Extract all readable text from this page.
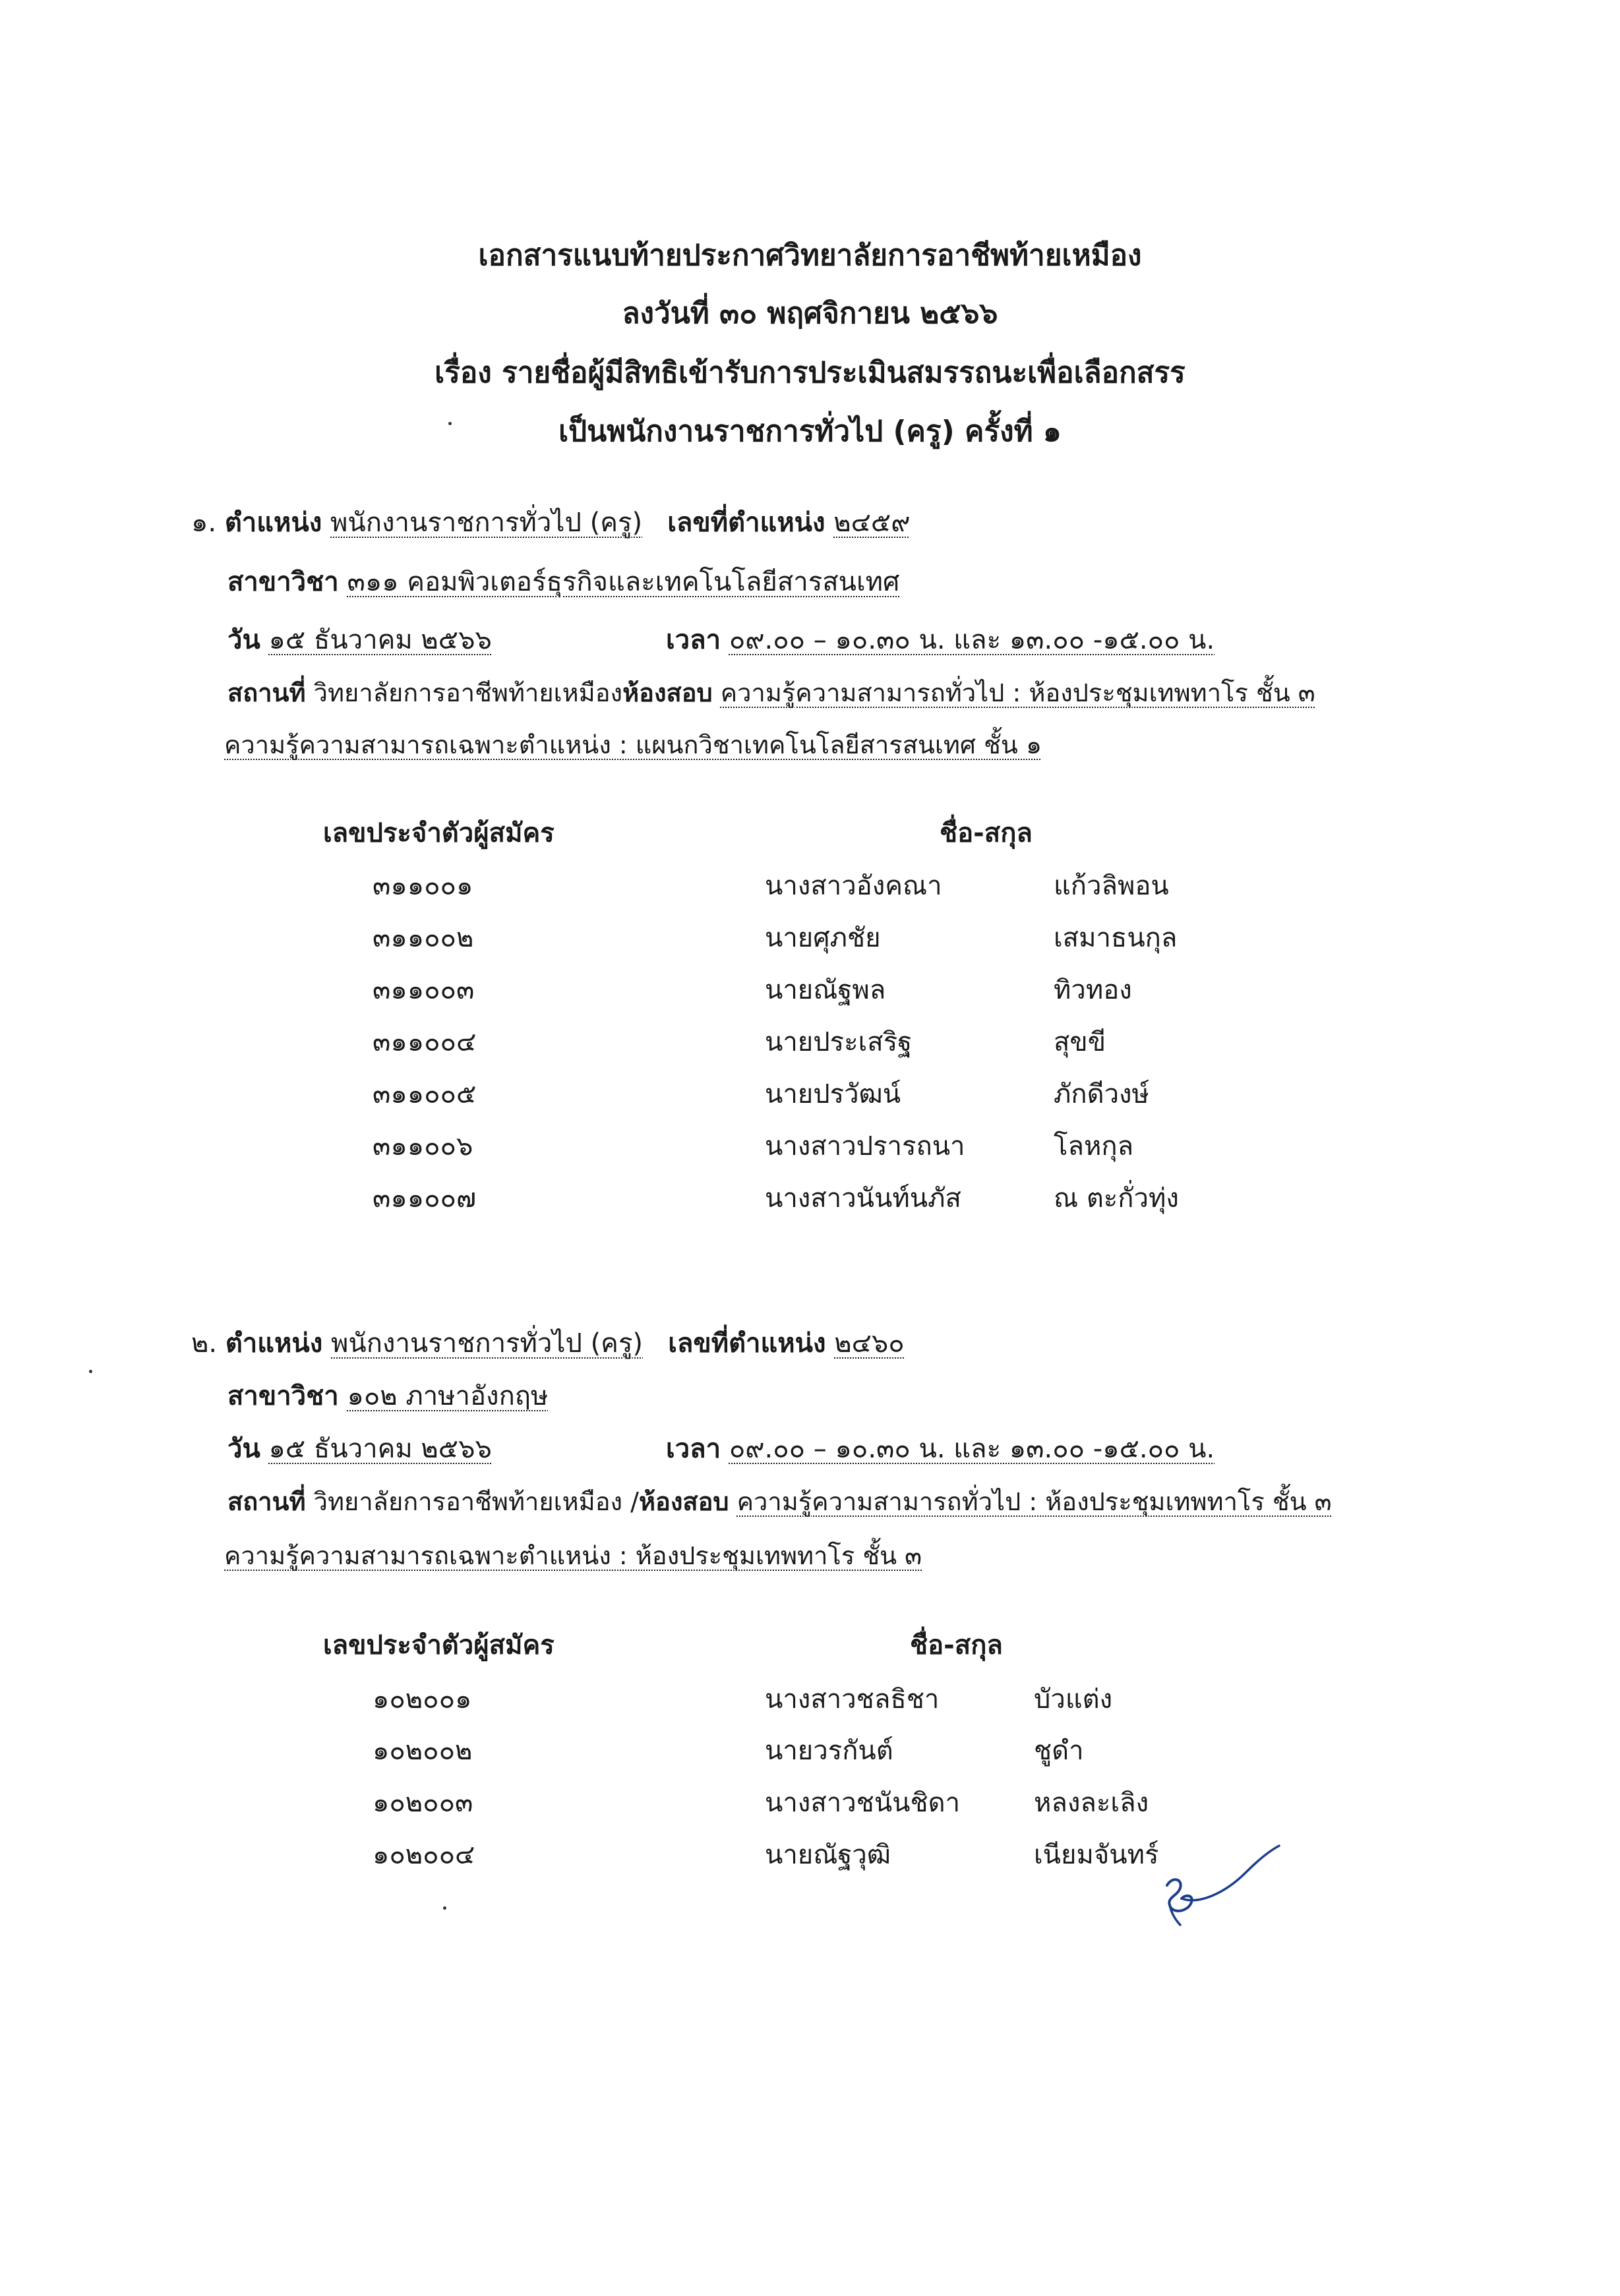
เอกสารแนบท้ายประกาศวิทยาลัยการอาชีพท้ายเหมือง
ลงวันที่ ๓๐ พฤศจิกายน ๒๕๖๖
เรื่อง รายชื่อผู้มีสิทธิเข้ารับการประเมินสมรรถนะเพื่อเลือกสรร
เป็นพนักงานราชการทั่วไป (ครู) ครั้งที่ ๑
๑. ตำแหน่ง พนักงานราชการทั่วไป (ครู) เลขที่ตำแหน่ง ๒๔๕๙
สาขาวิชา ๓๑๑ คอมพิวเตอร์ธุรกิจและเทคโนโลยีสารสนเทศ
วัน ๑๕ ธันวาคม ๒๕๖๖	เวลา ๐๙.๐๐ – ๑๐.๓๐ น. และ ๑๓.๐๐ -๑๕.๐๐ น.
สถานที่ วิทยาลัยการอาชีพท้ายเหมืองห้องสอบ ความรู้ความสามารถทั่วไป : ห้องประชุมเทพทาโร ชั้น ๓
ความรู้ความสามารถเฉพาะตำแหน่ง : แผนกวิชาเทคโนโลยีสารสนเทศ ชั้น ๑
เลขประจำตัวผู้สมัคร	ชื่อ-สกุล
๓๑๑๐๐๑	นางสาวอังคณา	แก้วลิพอน
๓๑๑๐๐๒	นายศุภชัย	เสมาธนกุล
๓๑๑๐๐๓	นายณัฐพล	ทิวทอง
๓๑๑๐๐๔	นายประเสริฐ	สุขขี
๓๑๑๐๐๕	นายปรวัฒน์	ภักดีวงษ์
๓๑๑๐๐๖	นางสาวปรารถนา	โลหกุล
๓๑๑๐๐๗	นางสาวนันท์นภัส	ณ ตะกั่วทุ่ง
๒. ตำแหน่ง พนักงานราชการทั่วไป (ครู) เลขที่ตำแหน่ง ๒๔๖๐
สาขาวิชา ๑๐๒ ภาษาอังกฤษ
วัน ๑๕ ธันวาคม ๒๕๖๖	เวลา ๐๙.๐๐ – ๑๐.๓๐ น. และ ๑๓.๐๐ -๑๕.๐๐ น.
สถานที่ วิทยาลัยการอาชีพท้ายเหมือง /ห้องสอบ ความรู้ความสามารถทั่วไป : ห้องประชุมเทพทาโร ชั้น ๓
ความรู้ความสามารถเฉพาะตำแหน่ง : ห้องประชุมเทพทาโร ชั้น ๓
เลขประจำตัวผู้สมัคร	ชื่อ-สกุล
๑๐๒๐๐๑	นางสาวชลธิชา	บัวแต่ง
๑๐๒๐๐๒	นายวรกันต์	ชูดำ
๑๐๒๐๐๓	นางสาวชนันชิดา	หลงละเลิง
๑๐๒๐๐๔	นายณัฐวุฒิ	เนียมจันทร์
